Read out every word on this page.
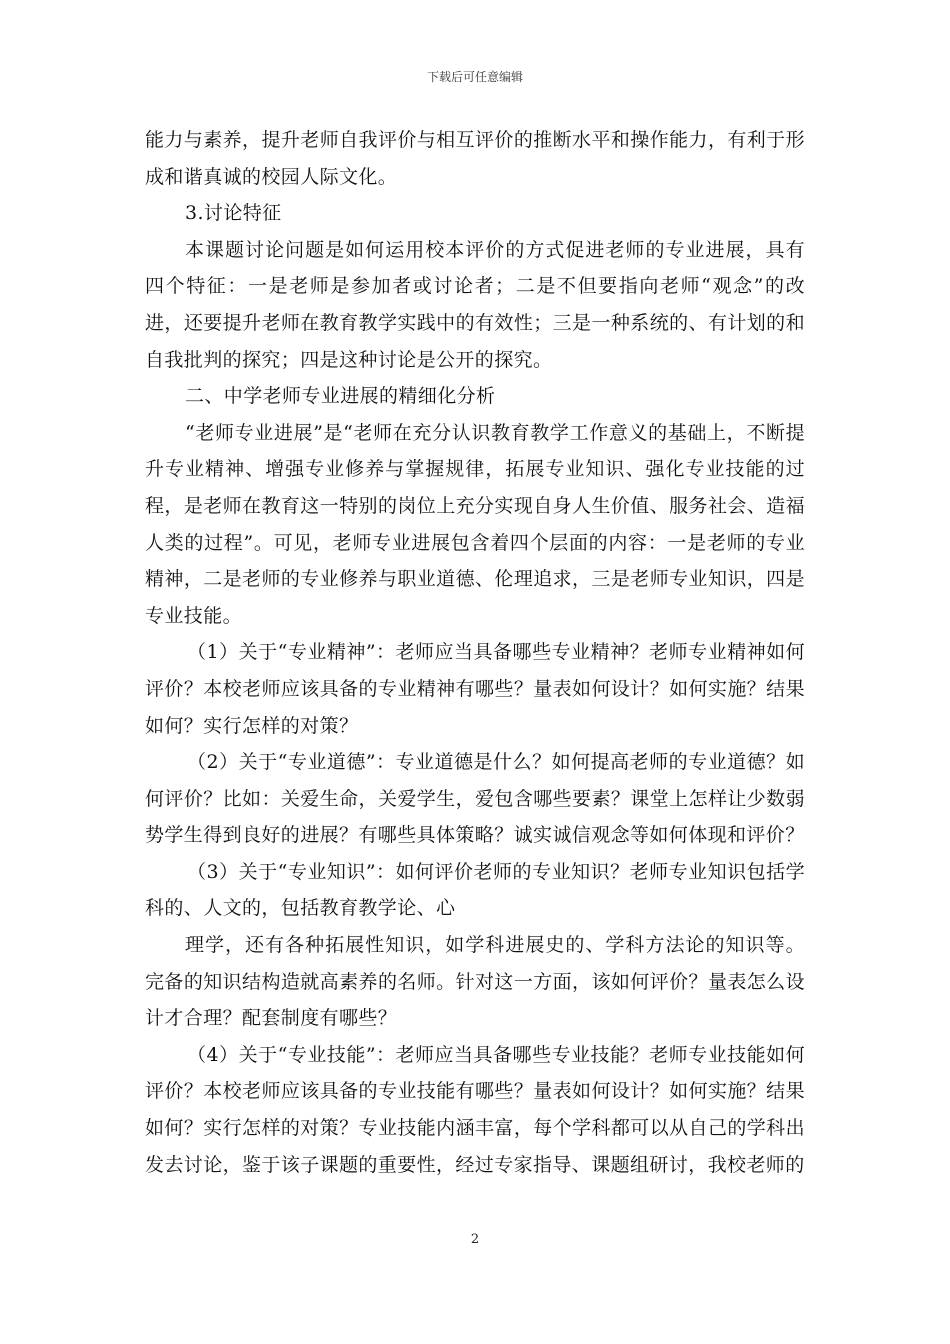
下载后可任意编辑

能力与素养，提升老师自我评价与相互评价的推断水平和操作能力，有利于形成和谐真诚的校园人际文化。

3.讨论特征

本课题讨论问题是如何运用校本评价的方式促进老师的专业进展，具有四个特征：一是老师是参加者或讨论者；二是不但要指向老师“观念”的改进，还要提升老师在教育教学实践中的有效性；三是一种系统的、有计划的和自我批判的探究；四是这种讨论是公开的探究。

二、中学老师专业进展的精细化分析

“老师专业进展”是“老师在充分认识教育教学工作意义的基础上，不断提升专业精神、增强专业修养与掌握规律，拓展专业知识、强化专业技能的过程，是老师在教育这一特别的岗位上充分实现自身人生价值、服务社会、造福人类的过程”。可见，老师专业进展包含着四个层面的内容：一是老师的专业精神，二是老师的专业修养与职业道德、伦理追求，三是老师专业知识，四是专业技能。

（1）关于“专业精神”：老师应当具备哪些专业精神？老师专业精神如何评价？本校老师应该具备的专业精神有哪些？量表如何设计？如何实施？结果如何？实行怎样的对策？

（2）关于“专业道德”：专业道德是什么？如何提高老师的专业道德？如何评价？比如：关爱生命，关爱学生，爱包含哪些要素？课堂上怎样让少数弱势学生得到良好的进展？有哪些具体策略？诚实诚信观念等如何体现和评价？

（3）关于“专业知识”：如何评价老师的专业知识？老师专业知识包括学科的、人文的，包括教育教学论、心

理学，还有各种拓展性知识，如学科进展史的、学科方法论的知识等。完备的知识结构造就高素养的名师。针对这一方面，该如何评价？量表怎么设计才合理？配套制度有哪些？

（4）关于“专业技能”：老师应当具备哪些专业技能？老师专业技能如何评价？本校老师应该具备的专业技能有哪些？量表如何设计？如何实施？结果如何？实行怎样的对策？专业技能内涵丰富，每个学科都可以从自己的学科出发去讨论，鉴于该子课题的重要性，经过专家指导、课题组研讨，我校老师的

2
